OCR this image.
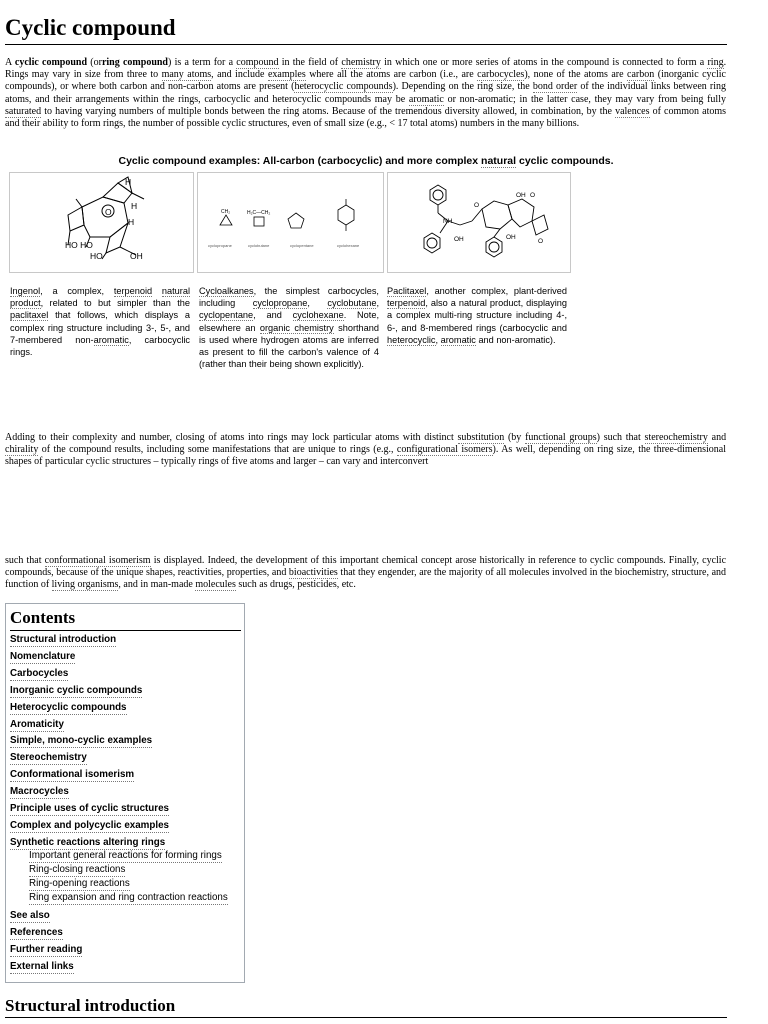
Cyclic compound

A cyclic compound (orring compound) is a term for a compound in the field of chemistry in which one or more series of atoms in the compound is connected to form a ring. Rings may vary in size from three to many atoms, and include examples where all the atoms are carbon (i.e., are carbocycles), none of the atoms are carbon (inorganic cyclic compounds), or where both carbon and non-carbon atoms are present (heterocyclic compounds). Depending on the ring size, the bond order of the individual links between ring atoms, and their arrangements within the rings, carbocyclic and heterocyclic compounds may be aromatic or non-aromatic; in the latter case, they may vary from being fully saturated to having varying numbers of multiple bonds between the ring atoms. Because of the tremendous diversity allowed, in combination, by the valences of common atoms and their ability to form rings, the number of possible cyclic structures, even of small size (e.g., < 17 total atoms) numbers in the many billions.

Cyclic compound examples: All-carbon (carbocyclic) and more complex natural cyclic compounds.
H
O
H
H
HO HO
HO	OH
CH₂	H₂C—CH₂
cyclopropane	cyclobutane	cyclopentane	cyclohexane
NH
OH
O
OH
OH
O
O

Ingenol, a complex, terpenoid natural product, related to but simpler than the paclitaxel that follows, which displays a complex ring structure including 3-, 5-, and 7-membered non-aromatic, carbocyclic rings.

Cycloalkanes, the simplest carbocycles, including cyclopropane, cyclobutane, cyclopentane, and cyclohexane. Note, elsewhere an organic chemistry shorthand is used where hydrogen atoms are inferred as present to fill the carbon's valence of 4 (rather than their being shown explicitly).

Paclitaxel, another complex, plant-derived terpenoid, also a natural product, displaying a complex multi-ring structure including 4-, 6-, and 8-membered rings (carbocyclic and heterocyclic, aromatic and non-aromatic).

Adding to their complexity and number, closing of atoms into rings may lock particular atoms with distinct substitution (by functional groups) such that stereochemistry and chirality of the compound results, including some manifestations that are unique to rings (e.g., configurational isomers). As well, depending on ring size, the three-dimensional shapes of particular cyclic structures – typically rings of five atoms and larger – can vary and interconvert

such that conformational isomerism is displayed. Indeed, the development of this important chemical concept arose historically in reference to cyclic compounds. Finally, cyclic compounds, because of the unique shapes, reactivities, properties, and bioactivities that they engender, are the majority of all molecules involved in the biochemistry, structure, and function of living organisms, and in man-made molecules such as drugs, pesticides, etc.

Contents
Structural introduction
Nomenclature
Carbocycles
Inorganic cyclic compounds
Heterocyclic compounds
Aromaticity
Simple, mono-cyclic examples
Stereochemistry
Conformational isomerism
Macrocycles
Principle uses of cyclic structures
Complex and polycyclic examples
Synthetic reactions altering rings
Important general reactions for forming rings
Ring-closing reactions
Ring-opening reactions
Ring expansion and ring contraction reactions
See also
References
Further reading
External links
Structural introduction
